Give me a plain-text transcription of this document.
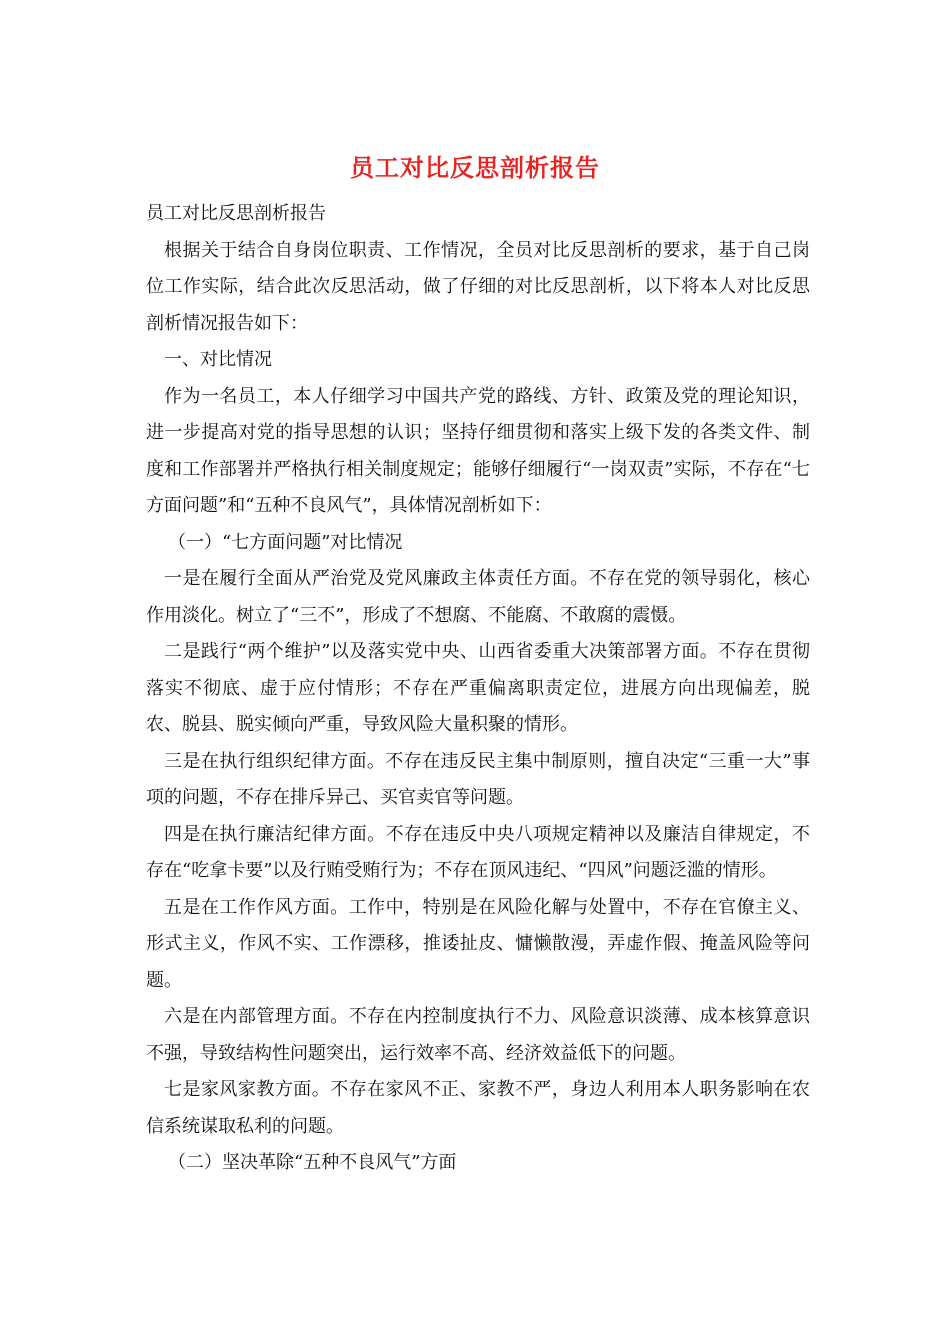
员工对比反思剖析报告

员工对比反思剖析报告

根据关于结合自身岗位职责、工作情况，全员对比反思剖析的要求，基于自己岗位工作实际，结合此次反思活动，做了仔细的对比反思剖析，以下将本人对比反思剖析情况报告如下：

一、对比情况

作为一名员工，本人仔细学习中国共产党的路线、方针、政策及党的理论知识，进一步提高对党的指导思想的认识；坚持仔细贯彻和落实上级下发的各类文件、制度和工作部署并严格执行相关制度规定；能够仔细履行“一岗双责”实际，不存在“七方面问题”和“五种不良风气”，具体情况剖析如下：

（一）“七方面问题”对比情况

一是在履行全面从严治党及党风廉政主体责任方面。不存在党的领导弱化，核心作用淡化。树立了“三不”，形成了不想腐、不能腐、不敢腐的震慑。

二是践行“两个维护”以及落实党中央、山西省委重大决策部署方面。不存在贯彻落实不彻底、虚于应付情形；不存在严重偏离职责定位，进展方向出现偏差，脱农、脱县、脱实倾向严重，导致风险大量积聚的情形。

三是在执行组织纪律方面。不存在违反民主集中制原则，擅自决定“三重一大”事项的问题，不存在排斥异己、买官卖官等问题。

四是在执行廉洁纪律方面。不存在违反中央八项规定精神以及廉洁自律规定，不存在“吃拿卡要”以及行贿受贿行为；不存在顶风违纪、“四风”问题泛滥的情形。

五是在工作作风方面。工作中，特别是在风险化解与处置中，不存在官僚主义、形式主义，作风不实、工作漂移，推诿扯皮、慵懒散漫，弄虚作假、掩盖风险等问题。

六是在内部管理方面。不存在内控制度执行不力、风险意识淡薄、成本核算意识不强，导致结构性问题突出，运行效率不高、经济效益低下的问题。

七是家风家教方面。不存在家风不正、家教不严，身边人利用本人职务影响在农信系统谋取私利的问题。

（二）坚决革除“五种不良风气”方面
